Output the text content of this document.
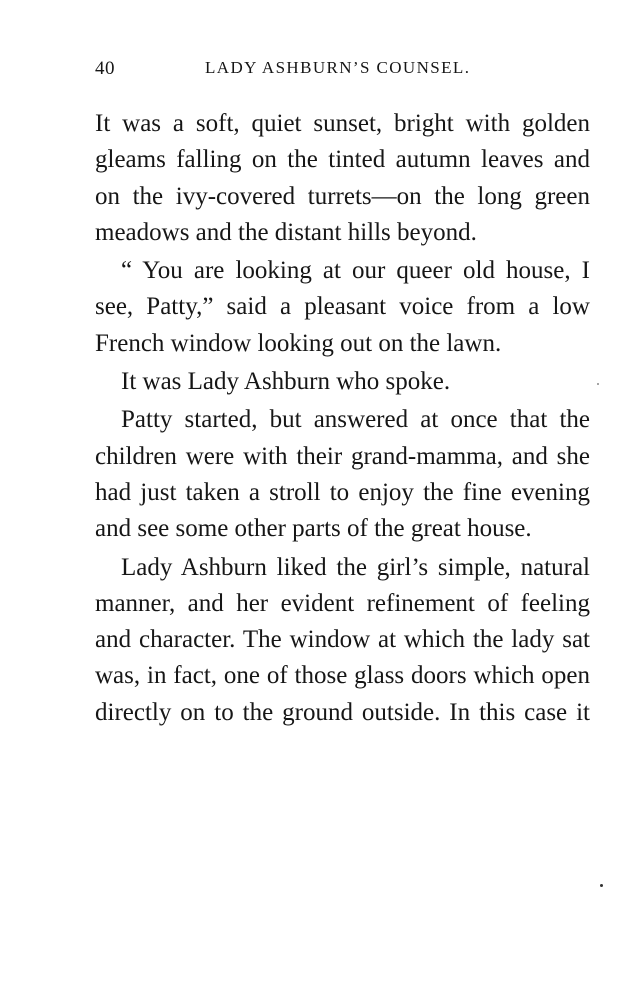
40	LADY ASHBURN’S COUNSEL.

It was a soft, quiet sunset, bright with golden gleams falling on the tinted autumn leaves and on the ivy-covered turrets—on the long green meadows and the distant hills beyond.

“ You are looking at our queer old house, I see, Patty,” said a pleasant voice from a low French window looking out on the lawn.

It was Lady Ashburn who spoke.

Patty started, but answered at once that the children were with their grand-mamma, and she had just taken a stroll to enjoy the fine evening and see some other parts of the great house.

Lady Ashburn liked the girl’s simple, natural manner, and her evident refinement of feeling and character. The window at which the lady sat was, in fact, one of those glass doors which open directly on to the ground outside. In this case it
